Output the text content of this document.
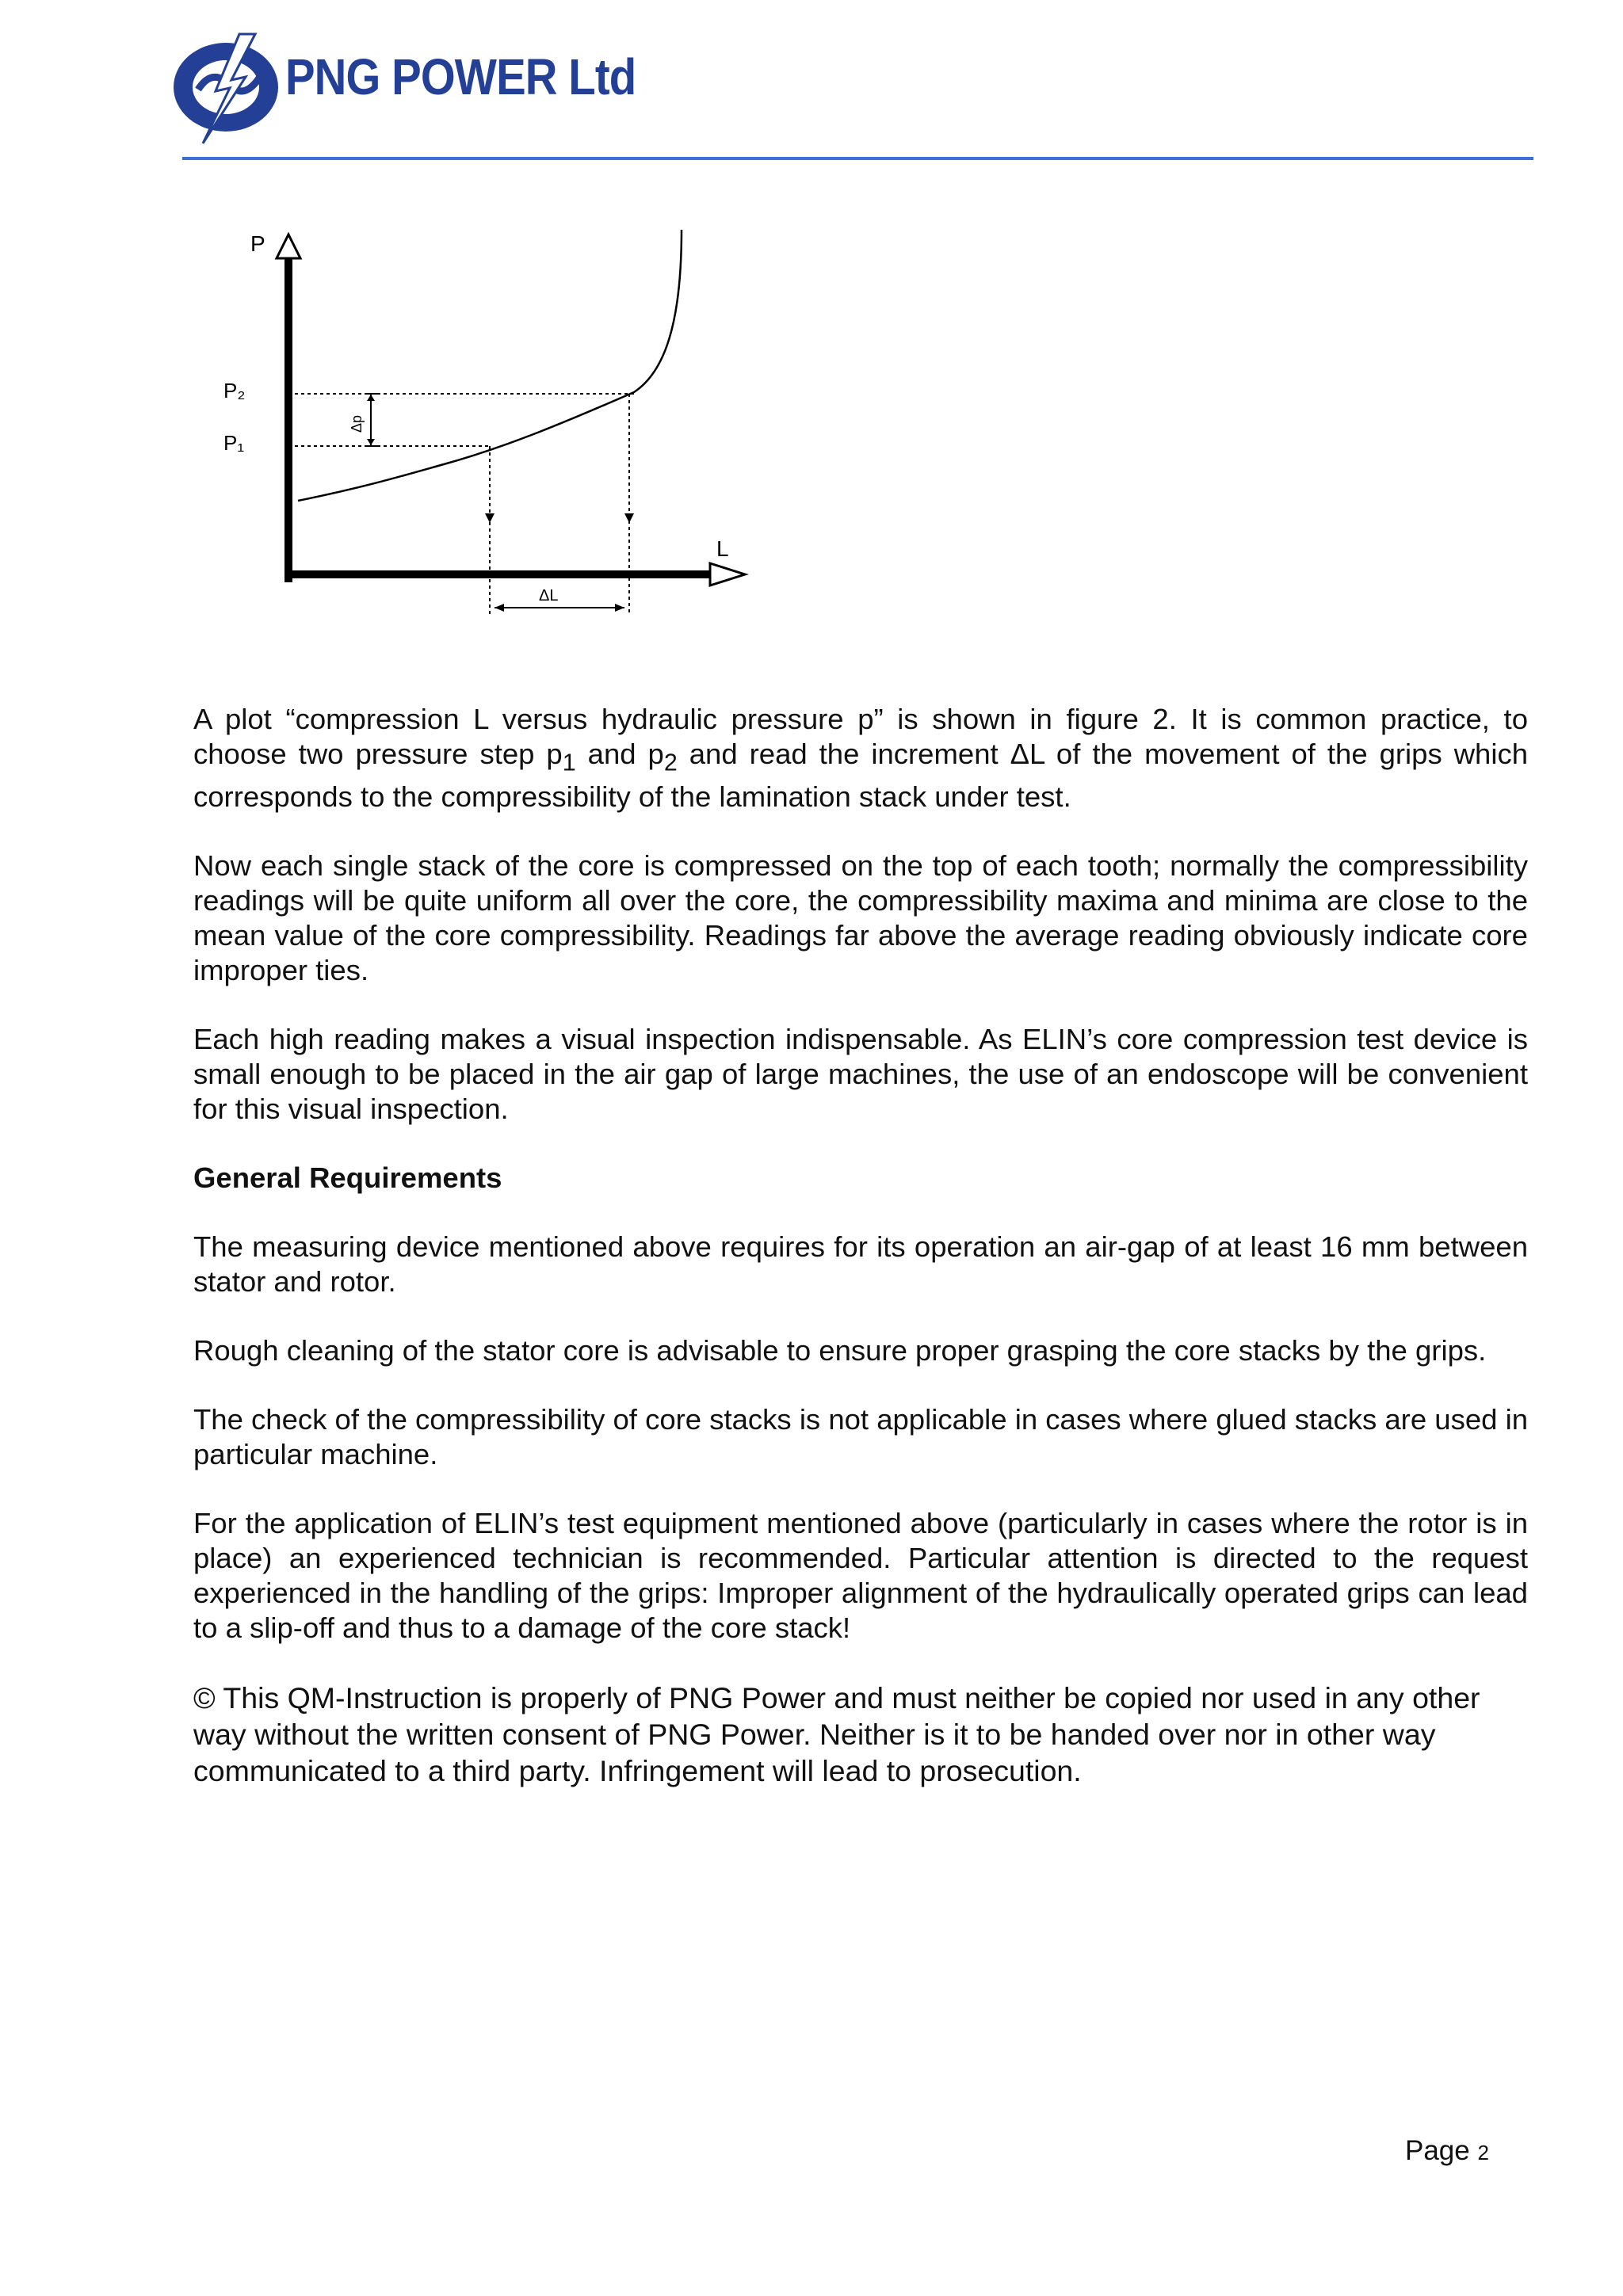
PNG POWER Ltd
P
L
P₂
P₁
Δp
ΔL

A plot “compression L versus hydraulic pressure p” is shown in figure 2. It is common practice, to choose two pressure step $p_1$ and $p_2$ and read the increment ΔL of the movement of the grips which corresponds to the compressibility of the lamination stack under test.

Now each single stack of the core is compressed on the top of each tooth; normally the compressibility readings will be quite uniform all over the core, the compressibility maxima and minima are close to the mean value of the core compressibility. Readings far above the average reading obviously indicate core improper ties.

Each high reading makes a visual inspection indispensable. As ELIN’s core compression test device is small enough to be placed in the air gap of large machines, the use of an endoscope will be convenient for this visual inspection.

General Requirements

The measuring device mentioned above requires for its operation an air-gap of at least 16 mm between stator and rotor.

Rough cleaning of the stator core is advisable to ensure proper grasping the core stacks by the grips.

The check of the compressibility of core stacks is not applicable in cases where glued stacks are used in particular machine.

For the application of ELIN’s test equipment mentioned above (particularly in cases where the rotor is in place) an experienced technician is recommended. Particular attention is directed to the request experienced in the handling of the grips: Improper alignment of the hydraulically operated grips can lead to a slip-off and thus to a damage of the core stack!

© This QM-Instruction is properly of PNG Power and must neither be copied nor used in any other way without the written consent of PNG Power. Neither is it to be handed over nor in other way communicated to a third party. Infringement will lead to prosecution.

Page 2
